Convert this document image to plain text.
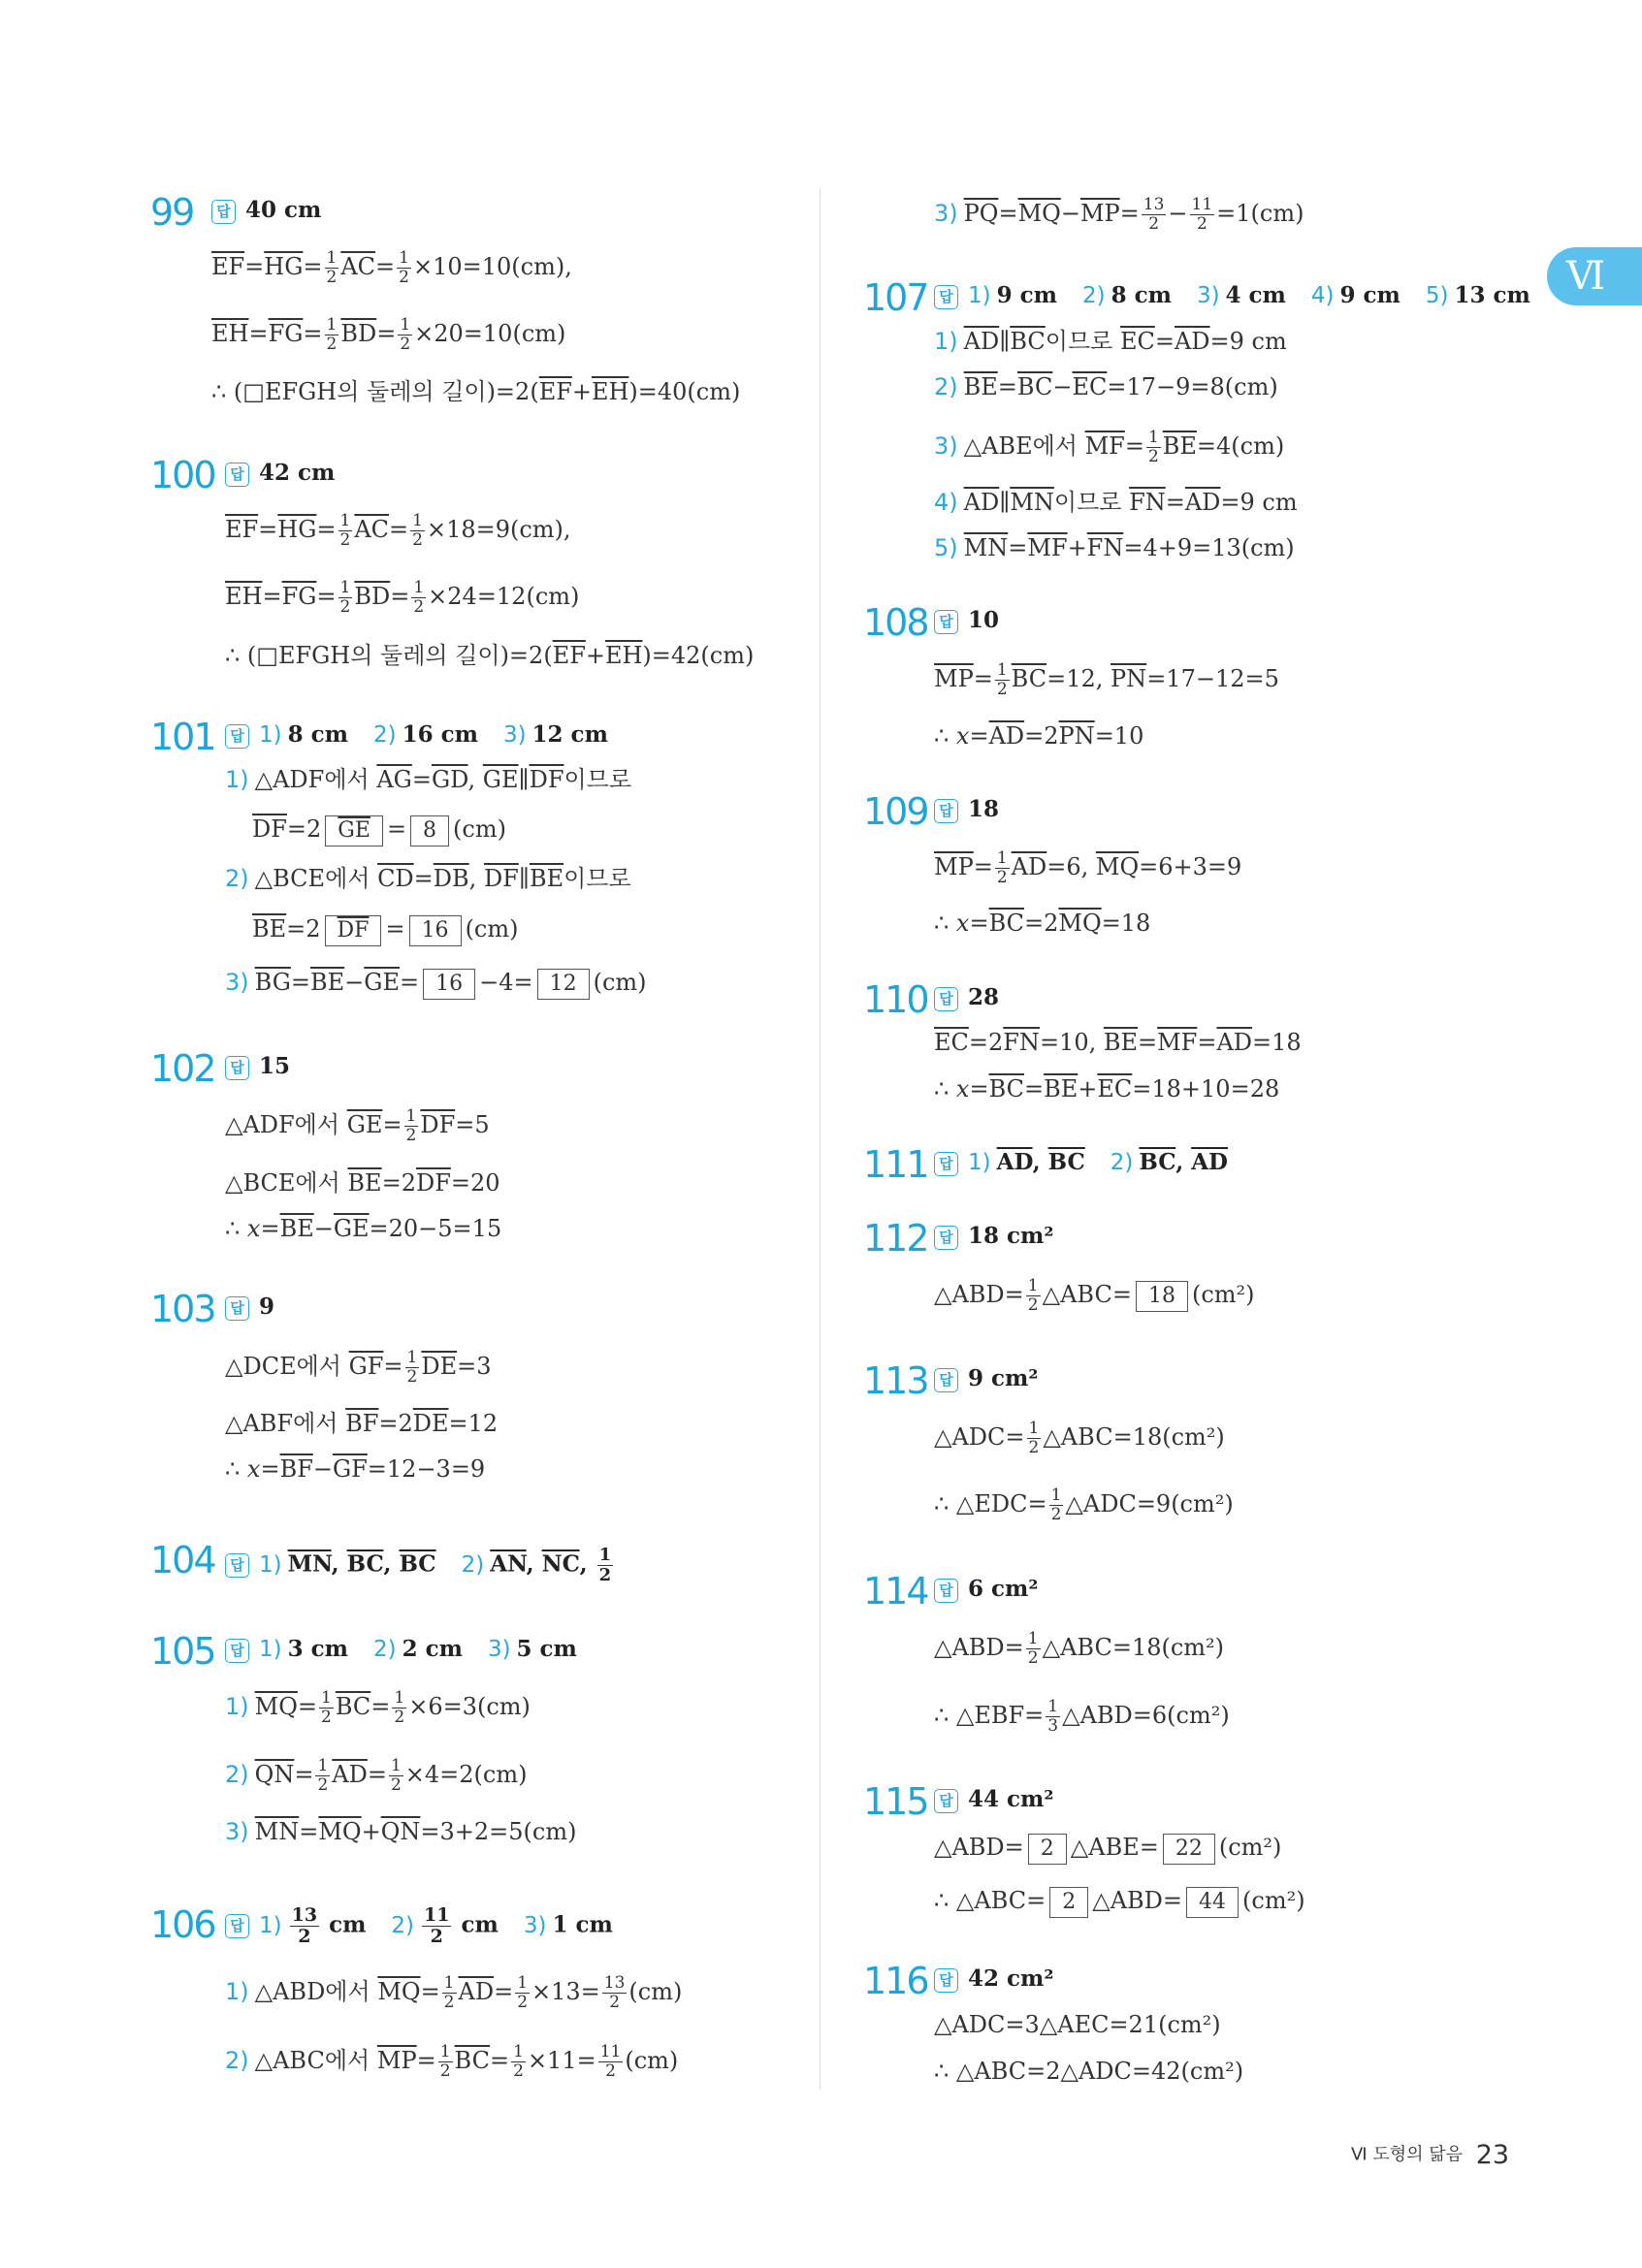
Ⅵ
99	답 40 cm
$\overline{EF}=\overline{HG}= \frac{1}{2} \overline{AC}= \frac{1}{2} \times 10=10(cm)$,
$\overline{EH}=\overline{FG}= \frac{1}{2} \overline{BD}= \frac{1}{2} \times 20=10(cm)$
∴ (□EFGH의 둘레의 길이)$=2(\overline{EF}+\overline{EH})=40(cm)$
100	답 42 cm
$\overline{EF}=\overline{HG}= \frac{1}{2} \overline{AC}= \frac{1}{2} \times 18=9(cm)$,
$\overline{EH}=\overline{FG}= \frac{1}{2} \overline{BD}= \frac{1}{2} \times 24=12(cm)$
∴ (□EFGH의 둘레의 길이)$=2(\overline{EF}+\overline{EH})=42(cm)$
101	답 1) 8 cm 2) 16 cm 3) 12 cm
1) △ADF에서 $\overline{AG}=\overline{GD}$, $\overline{GE}\parallel\overline{DF}$이므로
$\overline{DF}=2$ $\overline{GE} = 8$ (cm)
2) △BCE에서 $\overline{CD}=\overline{DB}$, $\overline{DF}\parallel\overline{BE}$이므로
$\overline{BE}=2$ $\overline{DF} = 16$ (cm)
3) $\overline{BG}=\overline{BE}-\overline{GE}= 16 -4= 12$ (cm)
102	답 15
△ADF에서 $\overline{GE}= \frac{1}{2} \overline{DF}=5$
△BCE에서 $\overline{BE}=2\overline{DF}=20$
∴ $x=\overline{BE}-\overline{GE}=20-5=15$
103	답 9
△DCE에서 $\overline{GF}= \frac{1}{2} \overline{DE}=3$
△ABF에서 $\overline{BF}=2\overline{DE}=12$
∴ $x=\overline{BF}-\overline{GF}=12-3=9$
104	답 1) $\overline{MN}$, $\overline{BC}$, $\overline{BC}$ 2) $\overline{AN}$, $\overline{NC}$, $\frac{1}{2}$
105	답 1) 3 cm 2) 2 cm 3) 5 cm
1) $\overline{MQ}= \frac{1}{2} \overline{BC}= \frac{1}{2} \times 6=3(cm)$
2) $\overline{QN}= \frac{1}{2} \overline{AD}= \frac{1}{2} \times 4=2(cm)$
3) $\overline{MN}=\overline{MQ}+\overline{QN}=3+2=5(cm)$
106	답 $1) \frac{13}{2}$ cm $2) \frac{11}{2}$ cm 3) 1 cm
1) △ABD에서 $\overline{MQ}= \frac{1}{2} \overline{AD}= \frac{1}{2} \times 13= \frac{13}{2} (cm)$
2) △ABC에서 $\overline{MP}= \frac{1}{2} \overline{BC}= \frac{1}{2} \times 11= \frac{11}{2} (cm)$
3) $\overline{PQ}=\overline{MQ}-\overline{MP}= \frac{13}{2} - \frac{11}{2} =1(cm)$
107 답 1) 9 cm 2) 8 cm 3) 4 cm 4) 9 cm 5) 13 cm
1) $\overline{AD}\parallel\overline{BC}$이므로 $\overline{EC}=\overline{AD}=9$ cm
2) $\overline{BE}=\overline{BC}-\overline{EC}=17-9=8(cm)$
3) △ABE에서 $\overline{MF}= \frac{1}{2} \overline{BE}=4(cm)$
4) $\overline{AD}\parallel\overline{MN}$이므로 $\overline{FN}=\overline{AD}=9$ cm
5) $\overline{MN}=\overline{MF}+\overline{FN}=4+9=13(cm)$
108 답 10
$\overline{MP}= \frac{1}{2} \overline{BC}=12$, $\overline{PN}=17-12=5$
∴ $x=\overline{AD}=2\overline{PN}=10$
109 답 18
$\overline{MP}= \frac{1}{2} \overline{AD}=6$, $\overline{MQ}=6+3=9$
∴ $x=\overline{BC}=2\overline{MQ}=18$
110 답 28
$\overline{EC}=2\overline{FN}=10$, $\overline{BE}=\overline{MF}=\overline{AD}=18$
∴ $x=\overline{BC}=\overline{BE}+\overline{EC}=18+10=28$
111 답 1) $\overline{AD}$, $\overline{BC}$ 2) $\overline{BC}$, $\overline{AD}$
112 답 18 cm²
△ABD= $\frac{1}{2}$ △ABC= 18 (cm²)
113 답 9 cm²
△ADC= $\frac{1}{2}$ △ABC=18(cm²)
∴ △EDC= $\frac{1}{2}$ △ADC=9(cm²)
114 답 6 cm²
△ABD= $\frac{1}{2}$ △ABC=18(cm²)
∴ △EBF= $\frac{1}{3}$ △ABD=6(cm²)
115 답 44 cm²
△ABD= 2 △ABE= 22 (cm²)
∴ △ABC= 2 △ABD= 44 (cm²)
116 답 42 cm²
△ADC=3△AEC=21(cm²)
∴ △ABC=2△ADC=42(cm²)
Ⅵ 도형의 닮음 23
